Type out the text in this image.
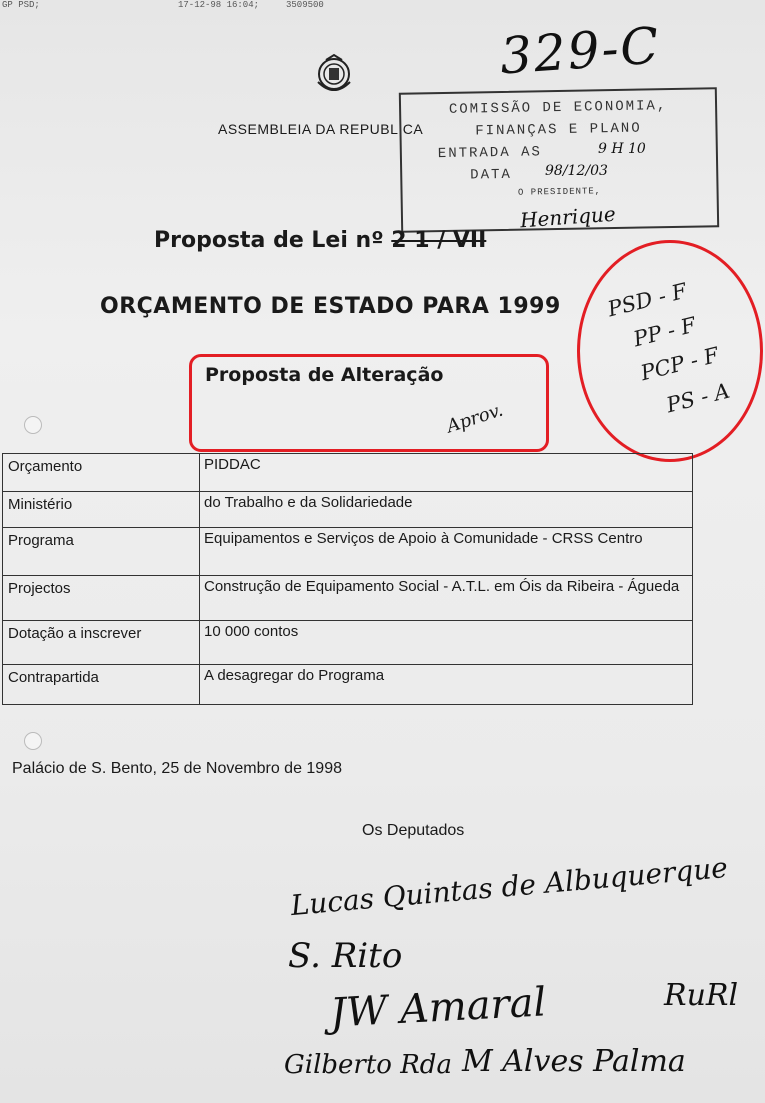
GP PSD;	17-12-98 16:04;	3509500
329-C
ASSEMBLEIA DA REPUBLICA
COMISSÃO DE ECONOMIA,
FINANÇAS E PLANO
ENTRADA AS
DATA
O PRESIDENTE,
9 H 10
98/12/03
Henrique
Proposta de Lei nº 2 1 / VII
ORÇAMENTO DE ESTADO PARA 1999
Proposta de Alteração
Aprov.
PSD - F
PP - F
PCP - F
PS - A
Orçamento	PIDDAC
Ministério	do Trabalho e da Solidariedade
Programa	Equipamentos e Serviços de Apoio à Comunidade - CRSS Centro
Projectos	Construção de Equipamento Social - A.T.L. em Óis da Ribeira - Águeda
Dotação a inscrever	10 000 contos
Contrapartida	A desagregar do Programa
Palácio de S. Bento, 25 de Novembro de 1998
Os Deputados
Lucas Quintas de Albuquerque
S. Rito
JW Amaral	RuRl
Gilberto Rda M Alves Palma
